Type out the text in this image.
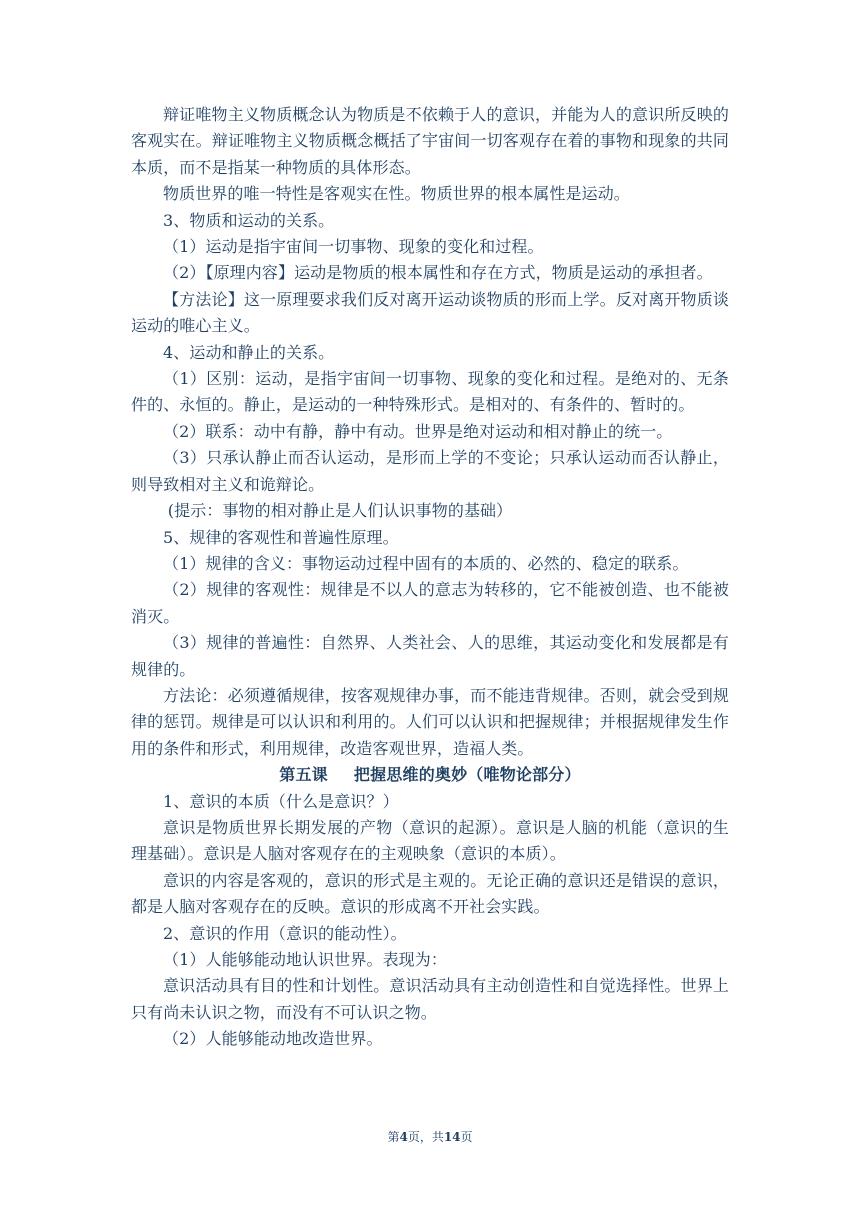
辩证唯物主义物质概念认为物质是不依赖于人的意识，并能为人的意识所反映的客观实在。辩证唯物主义物质概念概括了宇宙间一切客观存在着的事物和现象的共同本质，而不是指某一种物质的具体形态。

物质世界的唯一特性是客观实在性。物质世界的根本属性是运动。

3、物质和运动的关系。

（1）运动是指宇宙间一切事物、现象的变化和过程。

（2）【原理内容】运动是物质的根本属性和存在方式，物质是运动的承担者。

【方法论】这一原理要求我们反对离开运动谈物质的形而上学。反对离开物质谈运动的唯心主义。

4、运动和静止的关系。

（1）区别：运动，是指宇宙间一切事物、现象的变化和过程。是绝对的、无条件的、永恒的。静止，是运动的一种特殊形式。是相对的、有条件的、暂时的。

（2）联系：动中有静，静中有动。世界是绝对运动和相对静止的统一。

（3）只承认静止而否认运动，是形而上学的不变论；只承认运动而否认静止，则导致相对主义和诡辩论。

(提示：事物的相对静止是人们认识事物的基础）

5、规律的客观性和普遍性原理。

（1）规律的含义：事物运动过程中固有的本质的、必然的、稳定的联系。

（2）规律的客观性：规律是不以人的意志为转移的，它不能被创造、也不能被消灭。

（3）规律的普遍性：自然界、人类社会、人的思维，其运动变化和发展都是有规律的。

方法论：必须遵循规律，按客观规律办事，而不能违背规律。否则，就会受到规律的惩罚。规律是可以认识和利用的。人们可以认识和把握规律；并根据规律发生作用的条件和形式，利用规律，改造客观世界，造福人类。

第五课 把握思维的奥妙（唯物论部分）

1、意识的本质（什么是意识？）

意识是物质世界长期发展的产物（意识的起源）。意识是人脑的机能（意识的生理基础）。意识是人脑对客观存在的主观映象（意识的本质）。

意识的内容是客观的，意识的形式是主观的。无论正确的意识还是错误的意识，都是人脑对客观存在的反映。意识的形成离不开社会实践。

2、意识的作用（意识的能动性）。

（1）人能够能动地认识世界。表现为：

意识活动具有目的性和计划性。意识活动具有主动创造性和自觉选择性。世界上只有尚未认识之物，而没有不可认识之物。

（2）人能够能动地改造世界。

第4页，共14页
